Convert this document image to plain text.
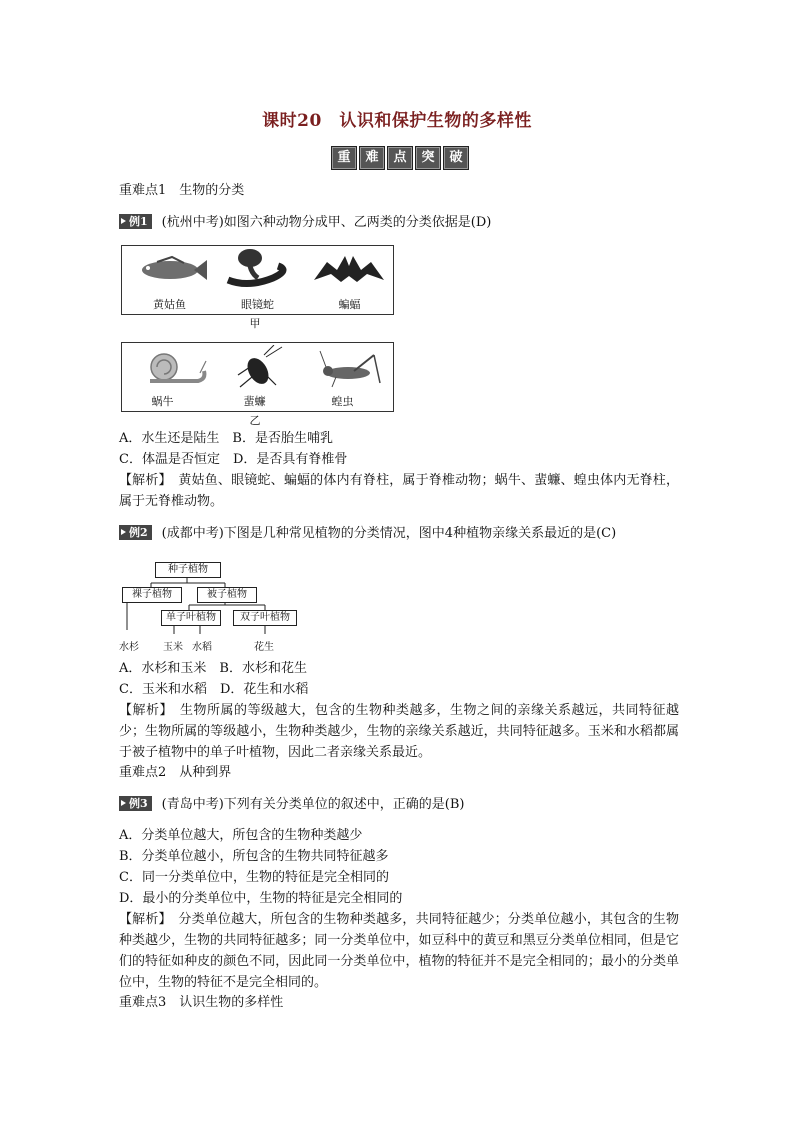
课时20　认识和保护生物的多样性
重	难	点	突	破
重难点1　生物的分类
例1 (杭州中考)如图六种动物分成甲、乙两类的分类依据是(D)
黄姑鱼	眼镜蛇	蝙蝠
甲
蜗牛	蜚蠊	蝗虫
乙
A．水生还是陆生　B．是否胎生哺乳
C．体温是否恒定　D．是否具有脊椎骨
【解析】　黄姑鱼、眼镜蛇、蝙蝠的体内有脊柱，属于脊椎动物；蜗牛、蜚蠊、蝗虫体内无脊柱，属于无脊椎动物。
例2 (成都中考)下图是几种常见植物的分类情况，图中4种植物亲缘关系最近的是(C)
种子植物
裸子植物	被子植物
单子叶植物	双子叶植物
水杉 玉米 水稻	花生
A．水杉和玉米　B．水杉和花生
C．玉米和水稻　D．花生和水稻
【解析】　生物所属的等级越大，包含的生物种类越多，生物之间的亲缘关系越远，共同特征越少；生物所属的等级越小，生物种类越少，生物的亲缘关系越近，共同特征越多。玉米和水稻都属于被子植物中的单子叶植物，因此二者亲缘关系最近。
重难点2　从种到界
例3 (青岛中考)下列有关分类单位的叙述中，正确的是(B)
A．分类单位越大，所包含的生物种类越少
B．分类单位越小，所包含的生物共同特征越多
C．同一分类单位中，生物的特征是完全相同的
D．最小的分类单位中，生物的特征是完全相同的
【解析】　分类单位越大，所包含的生物种类越多，共同特征越少；分类单位越小，其包含的生物种类越少，生物的共同特征越多；同一分类单位中，如豆科中的黄豆和黑豆分类单位相同，但是它们的特征如种皮的颜色不同，因此同一分类单位中，植物的特征并不是完全相同的；最小的分类单位中，生物的特征不是完全相同的。
重难点3　认识生物的多样性
